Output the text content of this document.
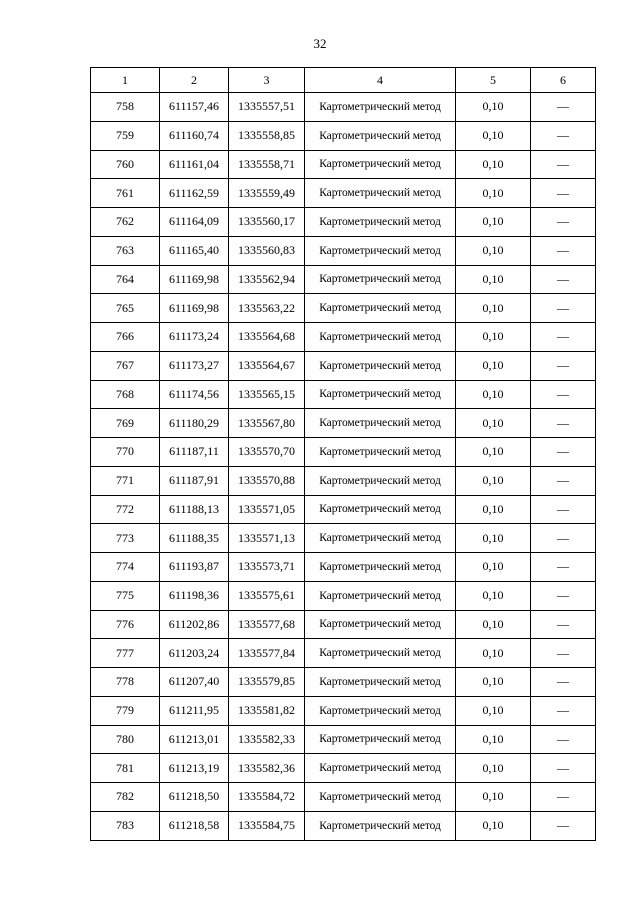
32
1	2	3	4	5	6
758	611157,46	1335557,51	Картометрический метод	0,10	—
759	611160,74	1335558,85	Картометрический метод	0,10	—
760	611161,04	1335558,71	Картометрический метод	0,10	—
761	611162,59	1335559,49	Картометрический метод	0,10	—
762	611164,09	1335560,17	Картометрический метод	0,10	—
763	611165,40	1335560,83	Картометрический метод	0,10	—
764	611169,98	1335562,94	Картометрический метод	0,10	—
765	611169,98	1335563,22	Картометрический метод	0,10	—
766	611173,24	1335564,68	Картометрический метод	0,10	—
767	611173,27	1335564,67	Картометрический метод	0,10	—
768	611174,56	1335565,15	Картометрический метод	0,10	—
769	611180,29	1335567,80	Картометрический метод	0,10	—
770	611187,11	1335570,70	Картометрический метод	0,10	—
771	611187,91	1335570,88	Картометрический метод	0,10	—
772	611188,13	1335571,05	Картометрический метод	0,10	—
773	611188,35	1335571,13	Картометрический метод	0,10	—
774	611193,87	1335573,71	Картометрический метод	0,10	—
775	611198,36	1335575,61	Картометрический метод	0,10	—
776	611202,86	1335577,68	Картометрический метод	0,10	—
777	611203,24	1335577,84	Картометрический метод	0,10	—
778	611207,40	1335579,85	Картометрический метод	0,10	—
779	611211,95	1335581,82	Картометрический метод	0,10	—
780	611213,01	1335582,33	Картометрический метод	0,10	—
781	611213,19	1335582,36	Картометрический метод	0,10	—
782	611218,50	1335584,72	Картометрический метод	0,10	—
783	611218,58	1335584,75	Картометрический метод	0,10	—
